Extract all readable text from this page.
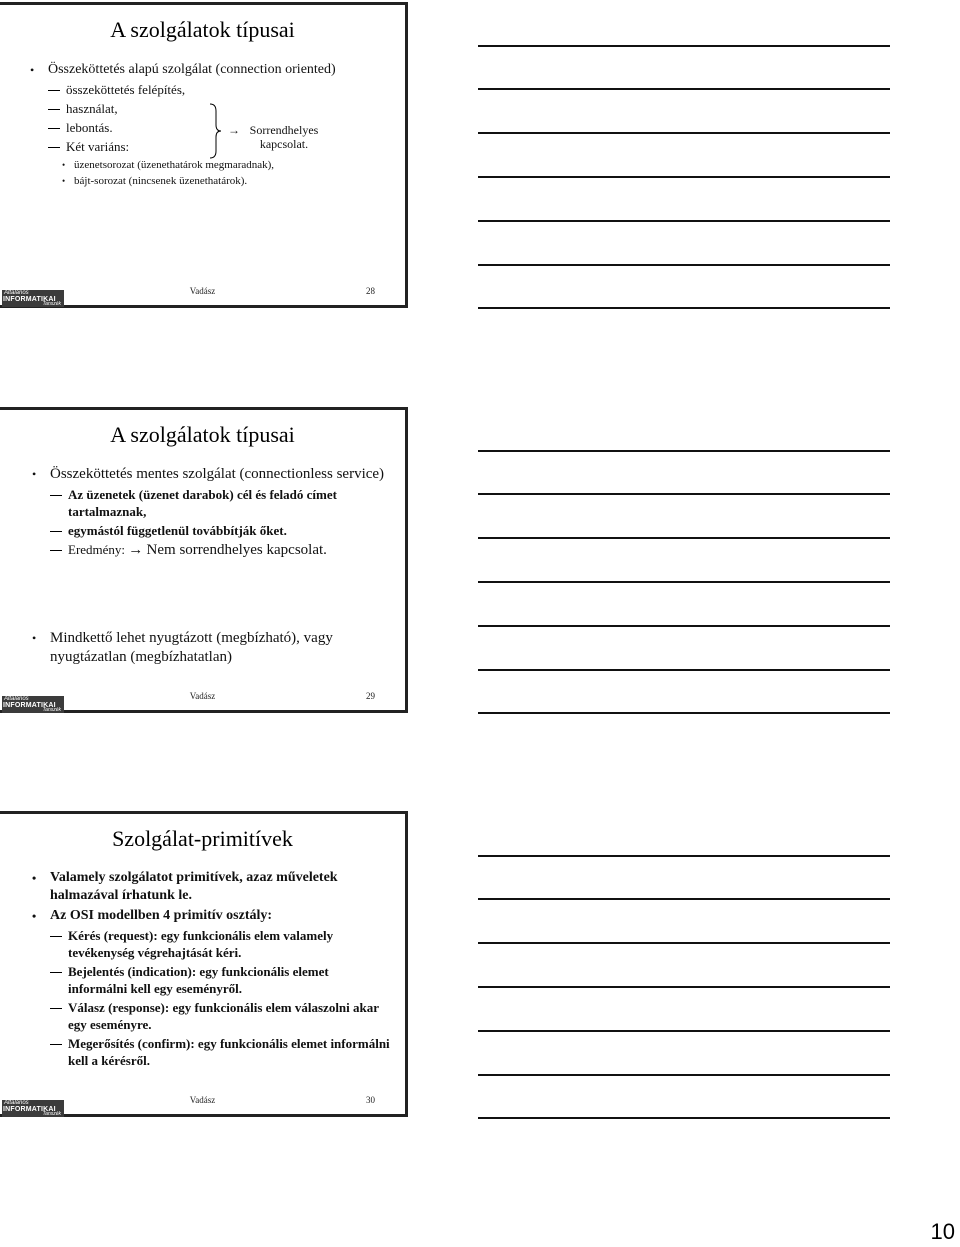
A szolgálatok típusai
• Összeköttetés alapú szolgálat (connection oriented)
összeköttetés felépítés,
használat,
lebontás.
Két variáns:
• üzenetsorozat (üzenethatárok megmaradnak),
• bájt-sorozat (nincsenek üzenethatárok).
→ Sorrendhelyes kapcsolat.
Általános
INFORMATIKAI
Tanszék
Vadász	28
A szolgálatok típusai
• Összeköttetés mentes szolgálat (connectionless service)
Az üzenetek (üzenet darabok) cél és feladó címet tartalmaznak,
egymástól függetlenül továbbítják őket.
Eredmény: → Nem sorrendhelyes kapcsolat.
• Mindkettő lehet nyugtázott (megbízható), vagy nyugtázatlan (megbízhatatlan)
Általános
INFORMATIKAI
Tanszék
Vadász	29
Szolgálat-primitívek
• Valamely szolgálatot primitívek, azaz műveletek halmazával írhatunk le.
• Az OSI modellben 4 primitív osztály:
Kérés (request): egy funkcionális elem valamely tevékenység végrehajtását kéri.
Bejelentés (indication): egy funkcionális elemet informálni kell egy eseményről.
Válasz (response): egy funkcionális elem válaszolni akar egy eseményre.
Megerősítés (confirm): egy funkcionális elemet informálni kell a kérésről.
Általános
INFORMATIKAI
Tanszék
Vadász	30
10
